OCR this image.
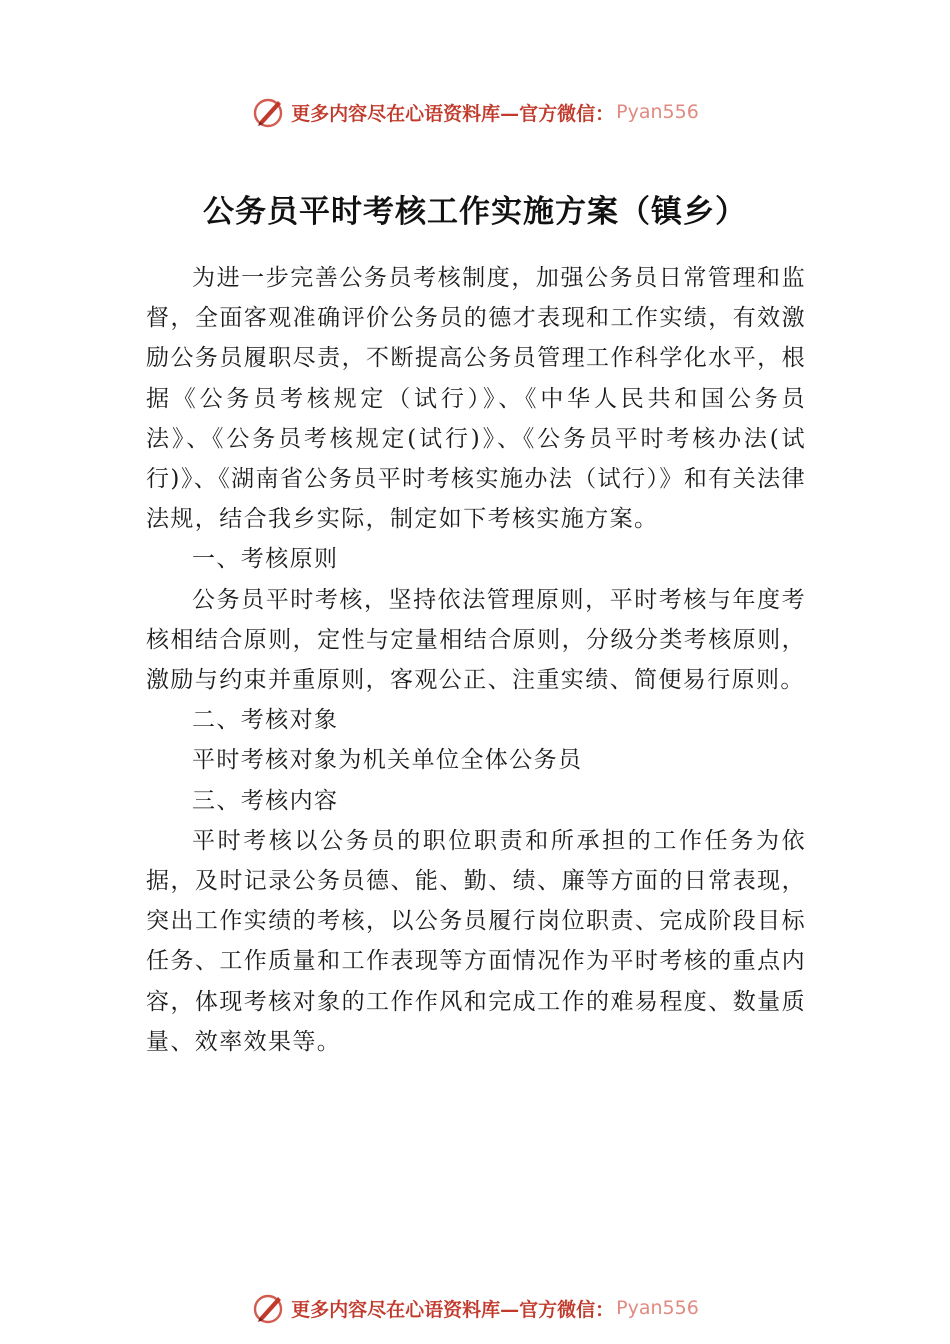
更多内容尽在心语资料库—官方微信： Pyan556
公务员平时考核工作实施方案（镇乡）

为进一步完善公务员考核制度，加强公务员日常管理和监督，全面客观准确评价公务员的德才表现和工作实绩，有效激励公务员履职尽责，不断提高公务员管理工作科学化水平，根据《公务员考核规定（试行）》、《中华人民共和国公务员法》、《公务员考核规定(试行)》、《公务员平时考核办法(试行)》、《湖南省公务员平时考核实施办法（试行）》和有关法律法规，结合我乡实际，制定如下考核实施方案。

一、考核原则

公务员平时考核，坚持依法管理原则，平时考核与年度考核相结合原则，定性与定量相结合原则，分级分类考核原则，激励与约束并重原则，客观公正、注重实绩、简便易行原则。

二、考核对象

平时考核对象为机关单位全体公务员

三、考核内容

平时考核以公务员的职位职责和所承担的工作任务为依据，及时记录公务员德、能、勤、绩、廉等方面的日常表现，突出工作实绩的考核，以公务员履行岗位职责、完成阶段目标任务、工作质量和工作表现等方面情况作为平时考核的重点内容，体现考核对象的工作作风和完成工作的难易程度、数量质量、效率效果等。

更多内容尽在心语资料库—官方微信： Pyan556
